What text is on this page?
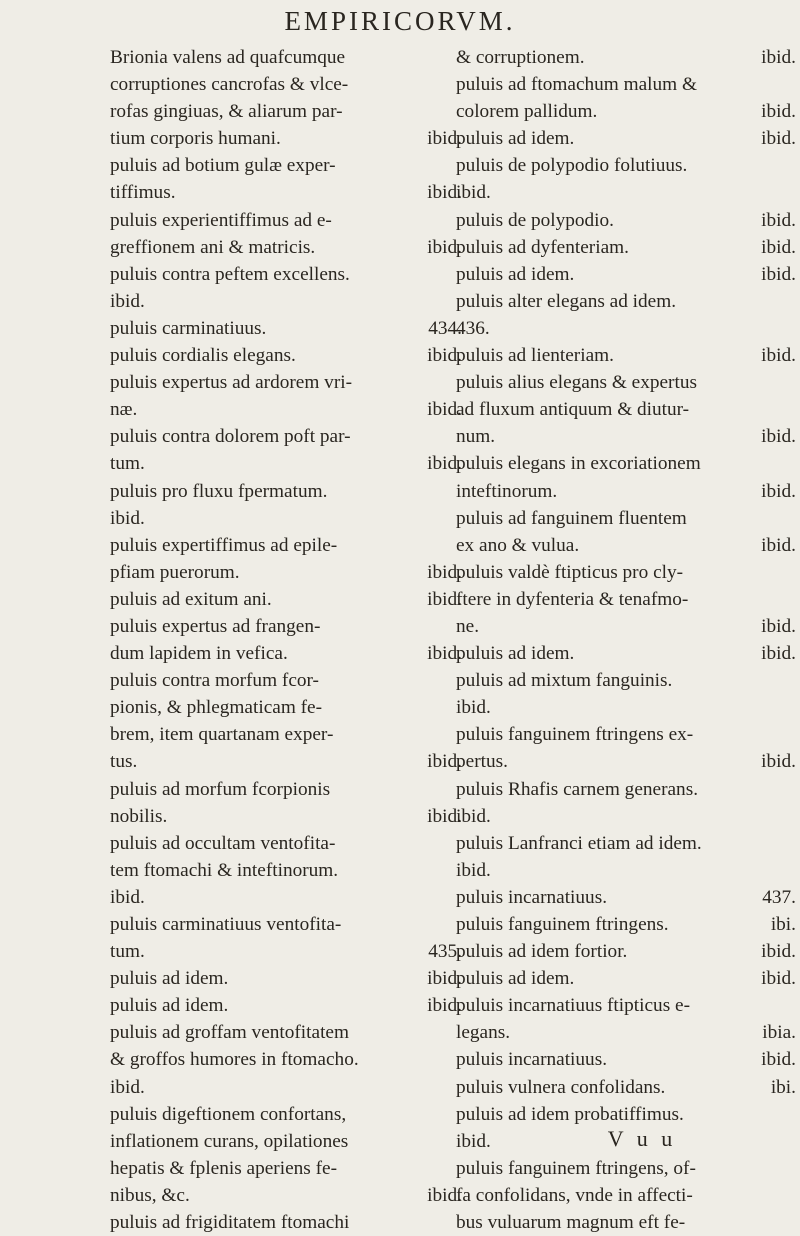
EMPIRICORVM.
Brionia valens ad quafcumque
corruptiones cancrofas & vlce-
rofas gingiuas, & aliarum par-
tium corporis humani.	ibid.
puluis ad botium gulæ exper-
tiffimus.	ibid.
puluis experientiffimus ad e-
greffionem ani & matricis.	ibid.
puluis contra peftem excellens.
ibid.
puluis carminatiuus.	434.
puluis cordialis elegans.	ibid.
puluis expertus ad ardorem vri-
næ.	ibid.
puluis contra dolorem poft par-
tum.	ibid.
puluis pro fluxu fpermatum.
ibid.
puluis expertiffimus ad epile-
pfiam puerorum.	ibid.
puluis ad exitum ani.	ibid.
puluis expertus ad frangen-
dum lapidem in vefica.	ibid.
puluis contra morfum fcor-
pionis, & phlegmaticam fe-
brem, item quartanam exper-
tus.	ibid.
puluis ad morfum fcorpionis
nobilis.	ibid.
puluis ad occultam ventofita-
tem ftomachi & inteftinorum.
ibid.
puluis carminatiuus ventofita-
tum.	435.
puluis ad idem.	ibid.
puluis ad idem.	ibid.
puluis ad groffam ventofitatem
& groffos humores in ftomacho.
ibid.
puluis digeftionem confortans,
inflationem curans, opilationes
hepatis & fplenis aperiens fe-
nibus, &c.	ibid.
puluis ad frigiditatem ftomachi
& corruptionem.	ibid.
puluis ad ftomachum malum &
colorem pallidum.	ibid.
puluis ad idem.	ibid.
puluis de polypodio folutiuus.
ibid.
puluis de polypodio.	ibid.
puluis ad dyfenteriam.	ibid.
puluis ad idem.	ibid.
puluis alter elegans ad idem.
436.
puluis ad lienteriam.	ibid.
puluis alius elegans & expertus
ad fluxum antiquum & diutur-
num.	ibid.
puluis elegans in excoriationem
inteftinorum.	ibid.
puluis ad fanguinem fluentem
ex ano & vulua.	ibid.
puluis valdè ftipticus pro cly-
ftere in dyfenteria & tenafmo-
ne.	ibid.
puluis ad idem.	ibid.
puluis ad mixtum fanguinis.
ibid.
puluis fanguinem ftringens ex-
pertus.	ibid.
puluis Rhafis carnem generans.
ibid.
puluis Lanfranci etiam ad idem.
ibid.
puluis incarnatiuus.	437.
puluis fanguinem ftringens.	ibi.
puluis ad idem fortior.	ibid.
puluis ad idem.	ibid.
puluis incarnatiuus ftipticus e-
legans.	ibia.
puluis incarnatiuus.	ibid.
puluis vulnera confolidans.	ibi.
puluis ad idem probatiffimus.
ibid.
puluis fanguinem ftringens, of-
fa confolidans, vnde in affecti-
bus vuluarum magnum eft fe-
V u u
